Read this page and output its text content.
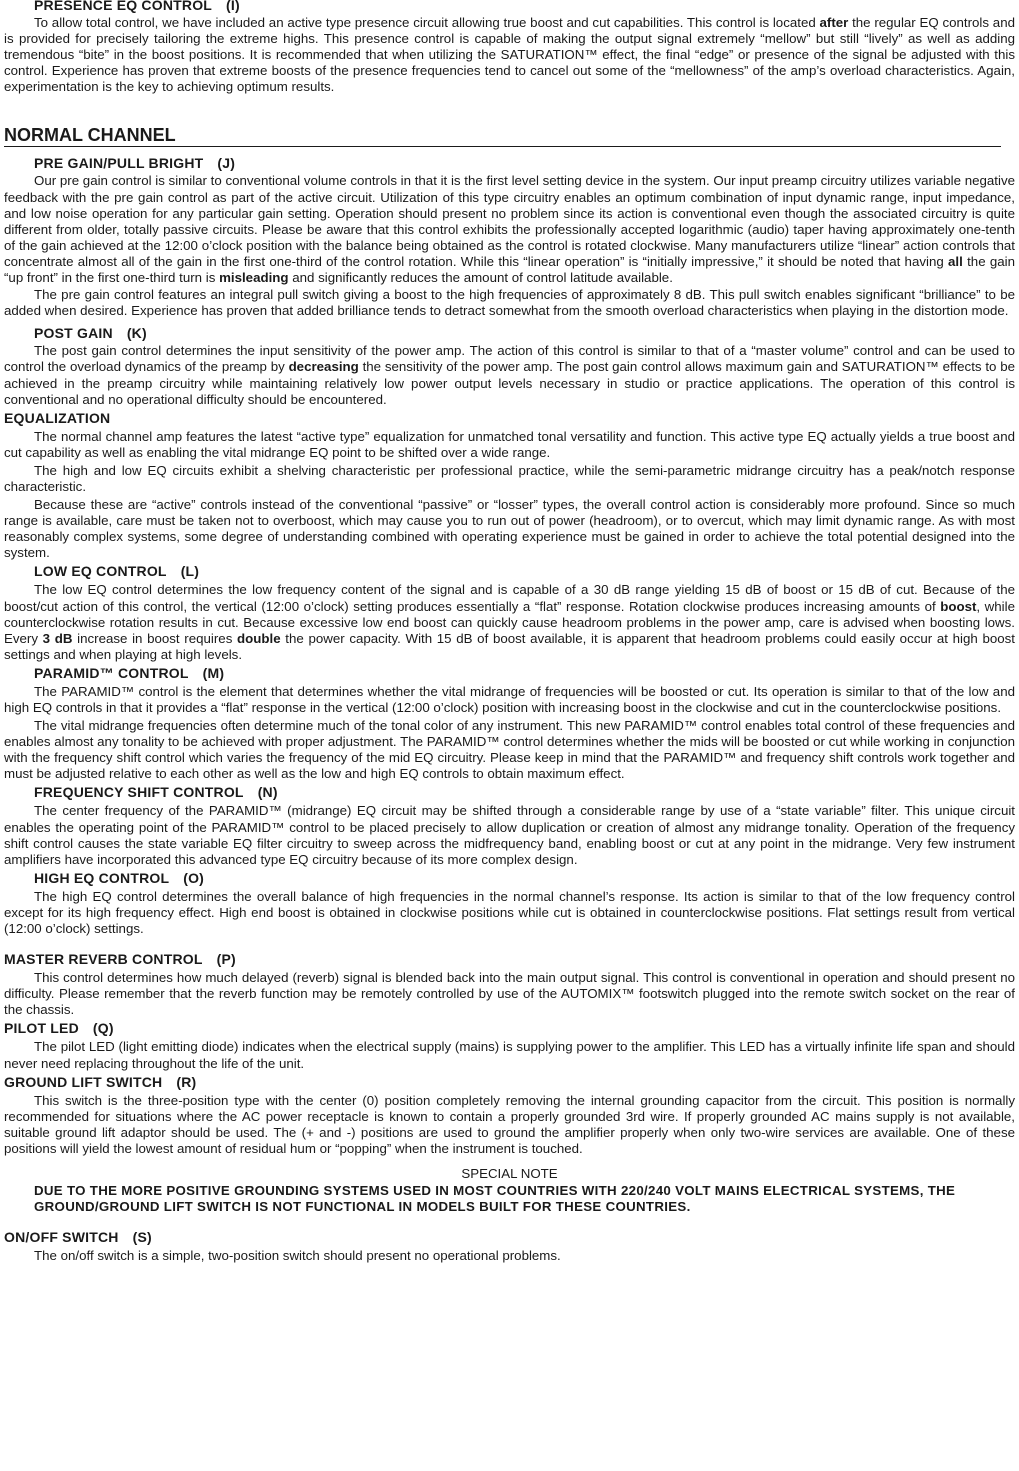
PRESENCE EQ CONTROL (I)

To allow total control, we have included an active type presence circuit allowing true boost and cut capabilities. This control is located after the regular EQ controls and is provided for precisely tailoring the extreme highs. This presence control is capable of making the output signal extremely “mellow” but still “lively” as well as adding tremendous “bite” in the boost positions. It is recommended that when utilizing the SATURATION™ effect, the final “edge” or presence of the signal be adjusted with this control. Experience has proven that extreme boosts of the presence frequencies tend to cancel out some of the “mellowness” of the amp’s overload characteristics. Again, experimentation is the key to achieving optimum results.

NORMAL CHANNEL
PRE GAIN/PULL BRIGHT (J)

Our pre gain control is similar to conventional volume controls in that it is the first level setting device in the system. Our input preamp circuitry utilizes variable negative feedback with the pre gain control as part of the active circuit. Utilization of this type circuitry enables an optimum combination of input dynamic range, input impedance, and low noise operation for any particular gain setting. Operation should present no problem since its action is conventional even though the associated circuitry is quite different from older, totally passive circuits. Please be aware that this control exhibits the professionally accepted logarithmic (audio) taper having approximately one-tenth of the gain achieved at the 12:00 o’clock position with the balance being obtained as the control is rotated clockwise. Many manufacturers utilize “linear” action controls that concentrate almost all of the gain in the first one-third of the control rotation. While this “linear operation” is “initially impressive,” it should be noted that having all the gain “up front” in the first one-third turn is misleading and significantly reduces the amount of control latitude available.

The pre gain control features an integral pull switch giving a boost to the high frequencies of approximately 8 dB. This pull switch enables significant “brilliance” to be added when desired. Experience has proven that added brilliance tends to detract somewhat from the smooth overload characteristics when playing in the distortion mode.

POST GAIN (K)

The post gain control determines the input sensitivity of the power amp. The action of this control is similar to that of a “master volume” control and can be used to control the overload dynamics of the preamp by decreasing the sensitivity of the power amp. The post gain control allows maximum gain and SATURATION™ effects to be achieved in the preamp circuitry while maintaining relatively low power output levels necessary in studio or practice applications. The operation of this control is conventional and no operational difficulty should be encountered.

EQUALIZATION

The normal channel amp features the latest “active type” equalization for unmatched tonal versatility and function. This active type EQ actually yields a true boost and cut capability as well as enabling the vital midrange EQ point to be shifted over a wide range.

The high and low EQ circuits exhibit a shelving characteristic per professional practice, while the semi-parametric midrange circuitry has a peak/notch response characteristic.

Because these are “active” controls instead of the conventional “passive” or “losser” types, the overall control action is considerably more profound. Since so much range is available, care must be taken not to overboost, which may cause you to run out of power (headroom), or to overcut, which may limit dynamic range. As with most reasonably complex systems, some degree of understanding combined with operating experience must be gained in order to achieve the total potential designed into the system.

LOW EQ CONTROL (L)

The low EQ control determines the low frequency content of the signal and is capable of a 30 dB range yielding 15 dB of boost or 15 dB of cut. Because of the boost/cut action of this control, the vertical (12:00 o’clock) setting produces essentially a “flat” response. Rotation clockwise produces increasing amounts of boost, while counterclockwise rotation results in cut. Because excessive low end boost can quickly cause headroom problems in the power amp, care is advised when boosting lows. Every 3 dB increase in boost requires double the power capacity. With 15 dB of boost available, it is apparent that headroom problems could easily occur at high boost settings and when playing at high levels.

PARAMID™ CONTROL (M)

The PARAMID™ control is the element that determines whether the vital midrange of frequencies will be boosted or cut. Its operation is similar to that of the low and high EQ controls in that it provides a “flat” response in the vertical (12:00 o’clock) position with increasing boost in the clockwise and cut in the counterclockwise positions.

The vital midrange frequencies often determine much of the tonal color of any instrument. This new PARAMID™ control enables total control of these frequencies and enables almost any tonality to be achieved with proper adjustment. The PARAMID™ control determines whether the mids will be boosted or cut while working in conjunction with the frequency shift control which varies the frequency of the mid EQ circuitry. Please keep in mind that the PARAMID™ and frequency shift controls work together and must be adjusted relative to each other as well as the low and high EQ controls to obtain maximum effect.

FREQUENCY SHIFT CONTROL (N)

The center frequency of the PARAMID™ (midrange) EQ circuit may be shifted through a considerable range by use of a “state variable” filter. This unique circuit enables the operating point of the PARAMID™ control to be placed precisely to allow duplication or creation of almost any midrange tonality. Operation of the frequency shift control causes the state variable EQ filter circuitry to sweep across the midfrequency band, enabling boost or cut at any point in the midrange. Very few instrument amplifiers have incorporated this advanced type EQ circuitry because of its more complex design.

HIGH EQ CONTROL (O)

The high EQ control determines the overall balance of high frequencies in the normal channel’s response. Its action is similar to that of the low frequency control except for its high frequency effect. High end boost is obtained in clockwise positions while cut is obtained in counterclockwise positions. Flat settings result from vertical (12:00 o’clock) settings.

MASTER REVERB CONTROL (P)

This control determines how much delayed (reverb) signal is blended back into the main output signal. This control is conventional in operation and should present no difficulty. Please remember that the reverb function may be remotely controlled by use of the AUTOMIX™ footswitch plugged into the remote switch socket on the rear of the chassis.

PILOT LED (Q)

The pilot LED (light emitting diode) indicates when the electrical supply (mains) is supplying power to the amplifier. This LED has a virtually infinite life span and should never need replacing throughout the life of the unit.

GROUND LIFT SWITCH (R)

This switch is the three-position type with the center (0) position completely removing the internal grounding capacitor from the circuit. This position is normally recommended for situations where the AC power receptacle is known to contain a properly grounded 3rd wire. If properly grounded AC mains supply is not available, suitable ground lift adaptor should be used. The (+ and -) positions are used to ground the amplifier properly when only two-wire services are available. One of these positions will yield the lowest amount of residual hum or “popping” when the instrument is touched.

SPECIAL NOTE

DUE TO THE MORE POSITIVE GROUNDING SYSTEMS USED IN MOST COUNTRIES WITH 220/240 VOLT MAINS ELECTRICAL SYSTEMS, THE GROUND/GROUND LIFT SWITCH IS NOT FUNCTIONAL IN MODELS BUILT FOR THESE COUNTRIES.

ON/OFF SWITCH (S)

The on/off switch is a simple, two-position switch should present no operational problems.
